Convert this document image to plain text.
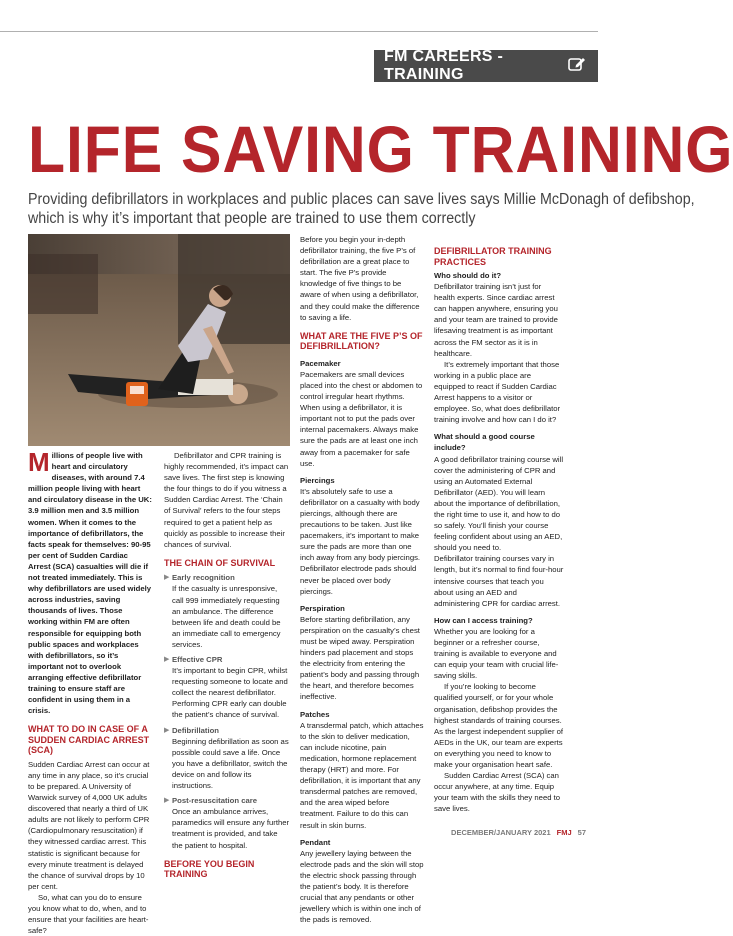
FM CAREERS - TRAINING
LIFE SAVING TRAINING
Providing defibrillators in workplaces and public places can save lives says Millie McDonagh of defibshop,
which is why it’s important that people are trained to use them correctly

Millions of people live with heart and circulatory diseases, with around 7.4 million people living with heart and circulatory disease in the UK: 3.9 million men and 3.5 million women. When it comes to the importance of defibrillators, the facts speak for themselves: 90-95 per cent of Sudden Cardiac Arrest (SCA) casualties will die if not treated immediately. This is why defibrillators are used widely across industries, saving thousands of lives. Those working within FM are often responsible for equipping both public spaces and workplaces with defibrillators, so it’s important not to overlook arranging effective defibrillator training to ensure staff are confident in using them in a crisis.

WHAT TO DO IN CASE OF A SUDDEN CARDIAC ARREST (SCA)

Sudden Cardiac Arrest can occur at any time in any place, so it’s crucial to be prepared. A University of Warwick survey of 4,000 UK adults discovered that nearly a third of UK adults are not likely to perform CPR (Cardiopulmonary resuscitation) if they witnessed cardiac arrest. This statistic is significant because for every minute treatment is delayed the chance of survival drops by 10 per cent.

So, what can you do to ensure you know what to do, when, and to ensure that your facilities are heart-safe?

Defibrillator and CPR training is highly recommended, it’s impact can save lives. The first step is knowing the four things to do if you witness a Sudden Cardiac Arrest. The ‘Chain of Survival’ refers to the four steps required to get a patient help as quickly as possible to increase their chances of survival.

THE CHAIN OF SURVIVAL
▶ Early recognition
If the casualty is unresponsive, call 999 immediately requesting an ambulance. The difference between life and death could be an immediate call to emergency services.
▶ Effective CPR
It’s important to begin CPR, whilst requesting someone to locate and collect the nearest defibrillator. Performing CPR early can double the patient’s chance of survival.
▶ Defibrillation
Beginning defibrillation as soon as possible could save a life. Once you have a defibrillator, switch the device on and follow its instructions.
▶ Post-resuscitation care
Once an ambulance arrives, paramedics will ensure any further treatment is provided, and take the patient to hospital.
BEFORE YOU BEGIN TRAINING

Before you begin your in-depth defibrillator training, the five P’s of defibrillation are a great place to start. The five P’s provide knowledge of five things to be aware of when using a defibrillator, and they could make the difference to saving a life.

WHAT ARE THE FIVE P’S OF DEFIBRILLATION?
Pacemaker

Pacemakers are small devices placed into the chest or abdomen to control irregular heart rhythms. When using a defibrillator, it is important not to put the pads over internal pacemakers. Always make sure the pads are at least one inch away from a pacemaker for safe use.

Piercings

It’s absolutely safe to use a defibrillator on a casualty with body piercings, although there are precautions to be taken. Just like pacemakers, it’s important to make sure the pads are more than one inch away from any body piercings. Defibrillator electrode pads should never be placed over body piercings.

Perspiration

Before starting defibrillation, any perspiration on the casualty’s chest must be wiped away. Perspiration hinders pad placement and stops the electricity from entering the patient’s body and passing through the heart, and therefore becomes ineffective.

Patches

A transdermal patch, which attaches to the skin to deliver medication, can include nicotine, pain medication, hormone replacement therapy (HRT) and more. For defibrillation, it is important that any transdermal patches are removed, and the area wiped before treatment. Failure to do this can result in skin burns.

Pendant

Any jewellery laying between the electrode pads and the skin will stop the electric shock passing through the patient’s body. It is therefore crucial that any pendants or other jewellery which is within one inch of the pads is removed.

DEFIBRILLATOR TRAINING PRACTICES
Who should do it?

Defibrillator training isn’t just for health experts. Since cardiac arrest can happen anywhere, ensuring you and your team are trained to provide lifesaving treatment is as important across the FM sector as it is in healthcare.

It’s extremely important that those working in a public place are equipped to react if Sudden Cardiac Arrest happens to a visitor or employee. So, what does defibrillator training involve and how can I do it?

What should a good course include?

A good defibrillator training course will cover the administering of CPR and using an Automated External Defibrillator (AED). You will learn about the importance of defibrillation, the right time to use it, and how to do so safely. You’ll finish your course feeling confident about using an AED, should you need to.

Defibrillator training courses vary in length, but it’s normal to find four-hour intensive courses that teach you about using an AED and administering CPR for cardiac arrest.

How can I access training?

Whether you are looking for a beginner or a refresher course, training is available to everyone and can equip your team with crucial life-saving skills.

If you’re looking to become qualified yourself, or for your whole organisation, defibshop provides the highest standards of training courses. As the largest independent supplier of AEDs in the UK, our team are experts on everything you need to know to make your organisation heart safe.

Sudden Cardiac Arrest (SCA) can occur anywhere, at any time. Equip your team with the skills they need to save lives.

DECEMBER/JANUARY 2021 FMJ 57
